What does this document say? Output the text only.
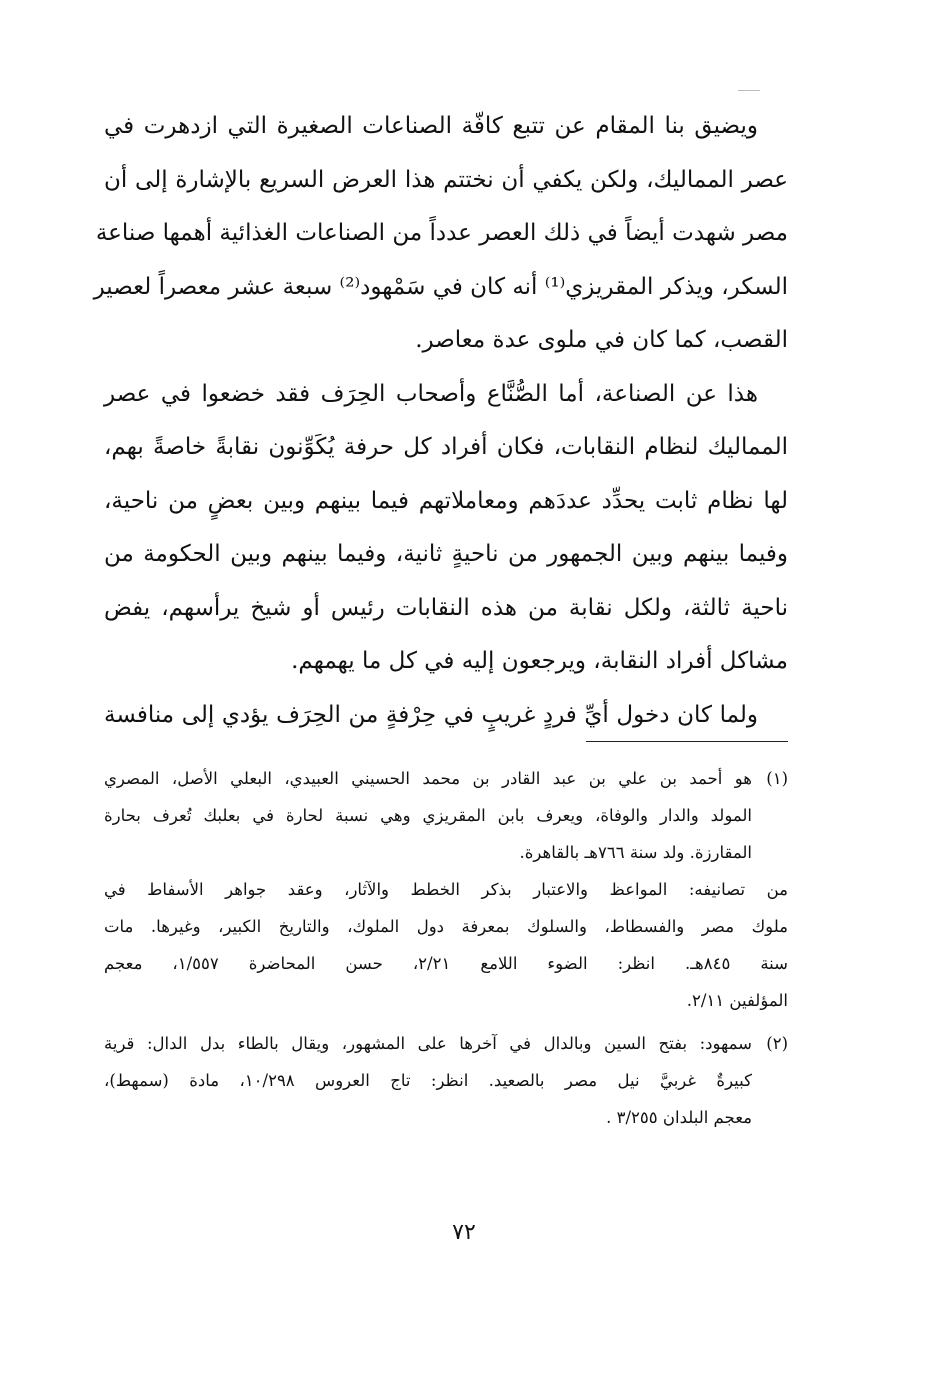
ويضيق بنا المقام عن تتبع كافّة الصناعات الصغيرة التي ازدهرت في
عصر المماليك، ولكن يكفي أن نختتم هذا العرض السريع بالإشارة إلى أن
مصر شهدت أيضاً في ذلك العصر عدداً من الصناعات الغذائية أهمها صناعة
السكر، ويذكر المقريزي⁽¹⁾ أنه كان في سَمْهود⁽²⁾ سبعة عشر معصراً لعصير
القصب، كما كان في ملوى عدة معاصر.

هذا عن الصناعة، أما الصُّنَّاع وأصحاب الحِرَف فقد خضعوا في عصر
المماليك لنظام النقابات، فكان أفراد كل حرفة يُكَوِّنون نقابةً خاصةً بهم،
لها نظام ثابت يحدِّد عددَهم ومعاملاتهم فيما بينهم وبين بعضٍ من ناحية،
وفيما بينهم وبين الجمهور من ناحيةٍ ثانية، وفيما بينهم وبين الحكومة من
ناحية ثالثة، ولكل نقابة من هذه النقابات رئيس أو شيخ يرأسهم، يفض
مشاكل أفراد النقابة، ويرجعون إليه في كل ما يهمهم.

ولما كان دخول أيِّ فردٍ غريبٍ في حِرْفةٍ من الحِرَف يؤدي إلى منافسة

(١)هو أحمد بن علي بن عبد القادر بن محمد الحسيني العبيدي، البعلي الأصل، المصري
المولد والدار والوفاة، ويعرف بابن المقريزي وهي نسبة لحارة في بعلبك تُعرف بحارة
المقارزة. ولد سنة ٧٦٦هـ بالقاهرة.
من تصانيفه: المواعظ والاعتبار بذكر الخطط والآثار، وعقد جواهر الأسفاط في
ملوك مصر والفسطاط، والسلوك بمعرفة دول الملوك، والتاريخ الكبير، وغيرها. مات
سنة ٨٤٥هـ. انظر: الضوء اللامع ٢/٢١، حسن المحاضرة ١/٥٥٧، معجم
المؤلفين ٢/١١.
(٢)سمهود: بفتح السين وبالدال في آخرها على المشهور، ويقال بالطاء بدل الدال: قرية
كبيرةٌ غربيَّ نيل مصر بالصعيد. انظر: تاج العروس ١٠/٢٩٨، مادة (سمهط)،
معجم البلدان ٣/٢٥٥ .
٧٢
